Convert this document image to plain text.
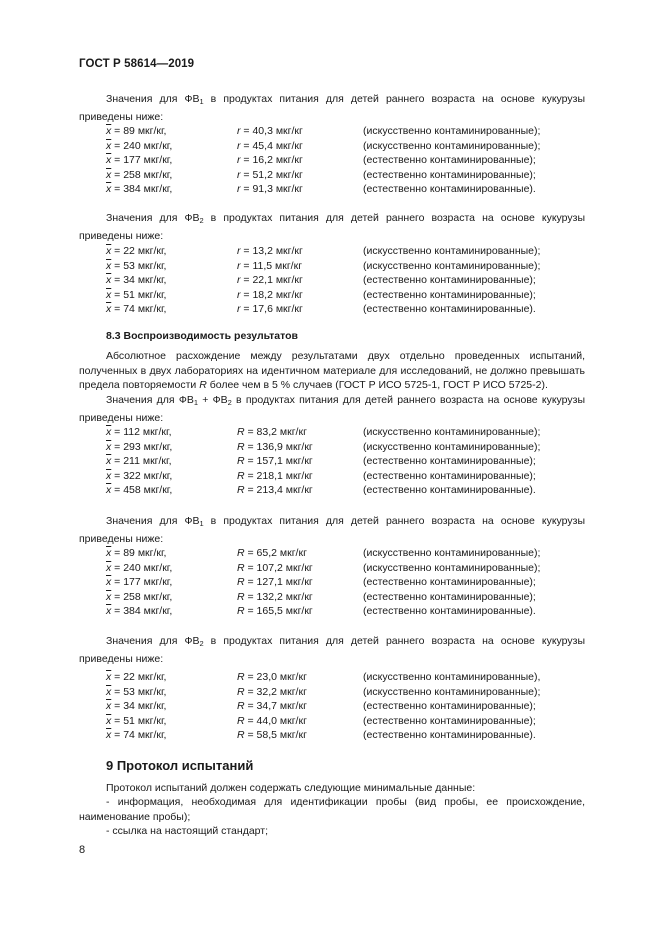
ГОСТ Р 58614—2019
Значения для $ФВ_1$ в продуктах питания для детей раннего возраста на основе кукурузы приведены ниже:
$\overline{x} = 89$ мкг/кг,	r = 40,3 мкг/кг	(искусственно контаминированные);
$\overline{x} = 240$ мкг/кг,	r = 45,4 мкг/кг	(искусственно контаминированные);
$\overline{x} = 177$ мкг/кг,	r = 16,2 мкг/кг	(естественно контаминированные);
$\overline{x} = 258$ мкг/кг,	r = 51,2 мкг/кг	(естественно контаминированные);
$\overline{x} = 384$ мкг/кг,	r = 91,3 мкг/кг	(естественно контаминированные).
Значения для $ФВ_2$ в продуктах питания для детей раннего возраста на основе кукурузы приведены ниже:
$\overline{x} = 22$ мкг/кг,	r = 13,2 мкг/кг	(искусственно контаминированные);
$\overline{x} = 53$ мкг/кг,	r = 11,5 мкг/кг	(искусственно контаминированные);
$\overline{x} = 34$ мкг/кг,	r = 22,1 мкг/кг	(естественно контаминированные);
$\overline{x} = 51$ мкг/кг,	r = 18,2 мкг/кг	(естественно контаминированные);
$\overline{x} = 74$ мкг/кг,	r = 17,6 мкг/кг	(естественно контаминированные).
8.3 Воспроизводимость результатов
Абсолютное расхождение между результатами двух отдельно проведенных испытаний, полученных в двух лабораториях на идентичном материале для исследований, не должно превышать предела повторяемости R более чем в 5 % случаев (ГОСТ Р ИСО 5725-1, ГОСТ Р ИСО 5725-2).
Значения для $ФВ_1 + ФВ_2$ в продуктах питания для детей раннего возраста на основе кукурузы приведены ниже:
$\overline{x} = 112$ мкг/кг,	R = 83,2 мкг/кг	(искусственно контаминированные);
$\overline{x} = 293$ мкг/кг,	R = 136,9 мкг/кг	(искусственно контаминированные);
$\overline{x} = 211$ мкг/кг,	R = 157,1 мкг/кг	(естественно контаминированные);
$\overline{x} = 322$ мкг/кг,	R = 218,1 мкг/кг	(естественно контаминированные);
$\overline{x} = 458$ мкг/кг,	R = 213,4 мкг/кг	(естественно контаминированные).
Значения для $ФВ_1$ в продуктах питания для детей раннего возраста на основе кукурузы приведены ниже:
$\overline{x} = 89$ мкг/кг,	R = 65,2 мкг/кг	(искусственно контаминированные);
$\overline{x} = 240$ мкг/кг,	R = 107,2 мкг/кг	(искусственно контаминированные);
$\overline{x} = 177$ мкг/кг,	R = 127,1 мкг/кг	(естественно контаминированные);
$\overline{x} = 258$ мкг/кг,	R = 132,2 мкг/кг	(естественно контаминированные);
$\overline{x} = 384$ мкг/кг,	R = 165,5 мкг/кг	(естественно контаминированные).
Значения для $ФВ_2$ в продуктах питания для детей раннего возраста на основе кукурузы приведены ниже:
$\overline{x} = 22$ мкг/кг,	R = 23,0 мкг/кг	(искусственно контаминированные),
$\overline{x} = 53$ мкг/кг,	R = 32,2 мкг/кг	(искусственно контаминированные);
$\overline{x} = 34$ мкг/кг,	R = 34,7 мкг/кг	(естественно контаминированные);
$\overline{x} = 51$ мкг/кг,	R = 44,0 мкг/кг	(естественно контаминированные);
$\overline{x} = 74$ мкг/кг,	R = 58,5 мкг/кг	(естественно контаминированные).
9 Протокол испытаний
Протокол испытаний должен содержать следующие минимальные данные:
- информация, необходимая для идентификации пробы (вид пробы, ее происхождение, наименование пробы);
- ссылка на настоящий стандарт;
8
